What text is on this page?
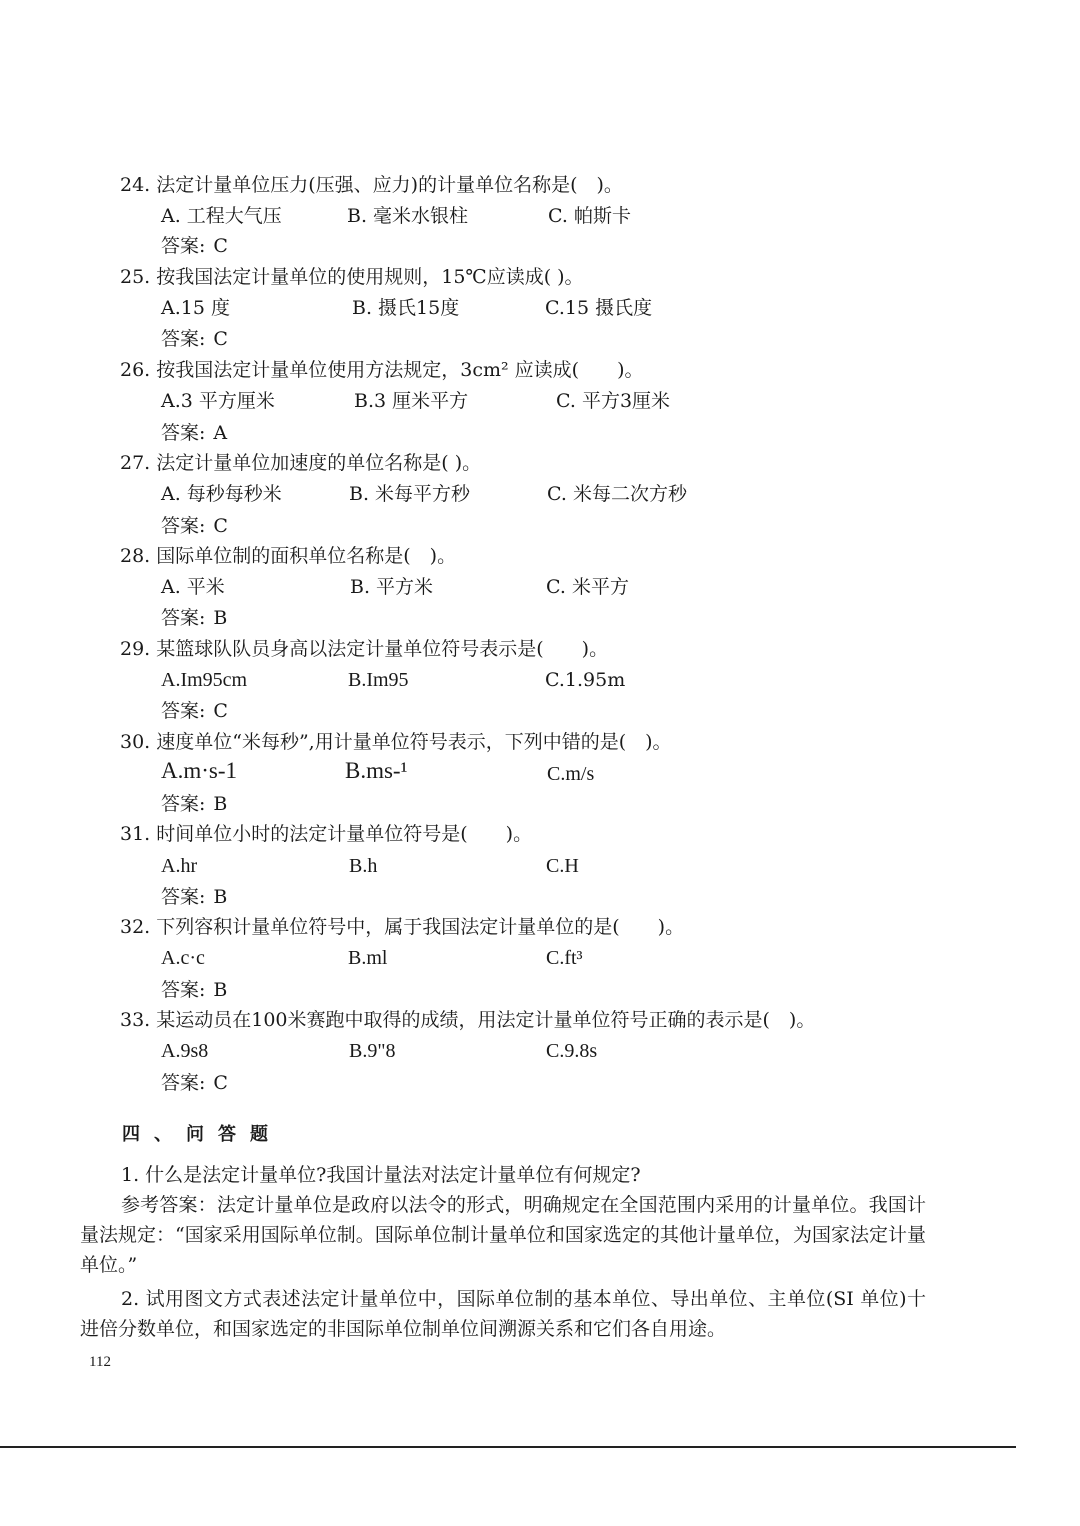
24. 法定计量单位压力(压强、应力)的计量单位名称是(　)。
A. 工程大气压	B. 毫米水银柱	C. 帕斯卡
答案: C
25. 按我国法定计量单位的使用规则，15℃应读成( )。
A.15 度	B. 摄氏15度	C.15 摄氏度
答案: C
26. 按我国法定计量单位使用方法规定，3cm² 应读成(　　)。
A.3 平方厘米	B.3 厘米平方	C. 平方3厘米
答案: A
27. 法定计量单位加速度的单位名称是( )。
A. 每秒每秒米	B. 米每平方秒	C. 米每二次方秒
答案: C
28. 国际单位制的面积单位名称是(　)。
A. 平米	B. 平方米	C. 米平方
答案: B
29. 某篮球队队员身高以法定计量单位符号表示是(　　)。
A.Im95cm	B.Im95	C.1.95m
答案: C
30. 速度单位“米每秒”,用计量单位符号表示，下列中错的是(　)。
A.m·s-1	B.ms-¹	C.m/s
答案: B
31. 时间单位小时的法定计量单位符号是(　　)。
A.hr	B.h	C.H
答案: B
32. 下列容积计量单位符号中，属于我国法定计量单位的是(　　)。
A.c·c	B.ml	C.ft³
答案: B
33. 某运动员在100米赛跑中取得的成绩，用法定计量单位符号正确的表示是(　)。
A.9s8	B.9"8	C.9.8s
答案: C
四、问答题
1. 什么是法定计量单位?我国计量法对法定计量单位有何规定?
参考答案：法定计量单位是政府以法令的形式，明确规定在全国范围内采用的计量单位。我国计量法规定：“国家采用国际单位制。国际单位制计量单位和国家选定的其他计量单位，为国家法定计量单位。”
2. 试用图文方式表述法定计量单位中，国际单位制的基本单位、导出单位、主单位(SI 单位)十进倍分数单位，和国家选定的非国际单位制单位间溯源关系和它们各自用途。
112
